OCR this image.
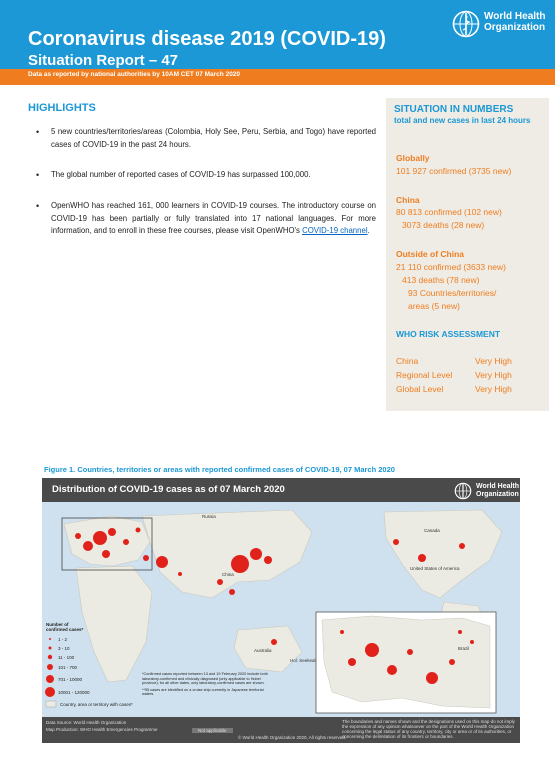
Coronavirus disease 2019 (COVID-19)
Situation Report – 47
World Health
Organization
Data as reported by national authorities by 10AM CET 07 March 2020
HIGHLIGHTS
•	5 new countries/territories/areas (Colombia, Holy See, Peru, Serbia, and Togo) have reported cases of COVID-19 in the past 24 hours.
•	The global number of reported cases of COVID-19 has surpassed 100,000.
•	OpenWHO has reached 161, 000 learners in COVID-19 courses. The introductory course on COVID-19 has been partially or fully translated into 17 national languages. For more information, and to enroll in these free courses, please visit OpenWHO's COVID-19 channel.
SITUATION IN NUMBERS
total and new cases in last 24 hours
Globally
101 927 confirmed (3735 new)
China
80 813 confirmed (102 new)
3073 deaths (28 new)
Outside of China
21 110 confirmed (3633 new)
413 deaths (78 new)
93 Countries/territories/
areas (5 new)
WHO RISK ASSESSMENT
China	Very High
Regional Level	Very High
Global Level	Very High
Figure 1. Countries, territories or areas with reported confirmed cases of COVID-19, 07 March 2020
Distribution of COVID-19 cases as of 07 March 2020	World Health
Organization
Russia
China
United States of America
Canada
Brazil
Australia
Hol. Seekeal
Number of
confirmed cases*
1 - 2
3 - 10
11 - 100
101 - 700
701 - 10000
10001 - 120000
Country, area or territory with cases*
*Confirmed cases reported between 13 and 19 February 2020 include both laboratory-confirmed and clinically diagnosed (only applicable to Hubei province); for all other dates, only laboratory-confirmed cases are shown.
**55 cases are identified on a cruise ship currently in Japanese territorial waters.
Data Source: World Health Organization
Map Production: WHO Health Emergencies Programme	Not applicable
© World Health Organization 2020, All rights reserved.
The boundaries and names shown and the designations used on this map do not imply the expression of any opinion whatsoever on the part of the World Health Organization concerning the legal status of any country, territory, city or area or of its authorities, or concerning the delimitation of its frontiers or boundaries.
